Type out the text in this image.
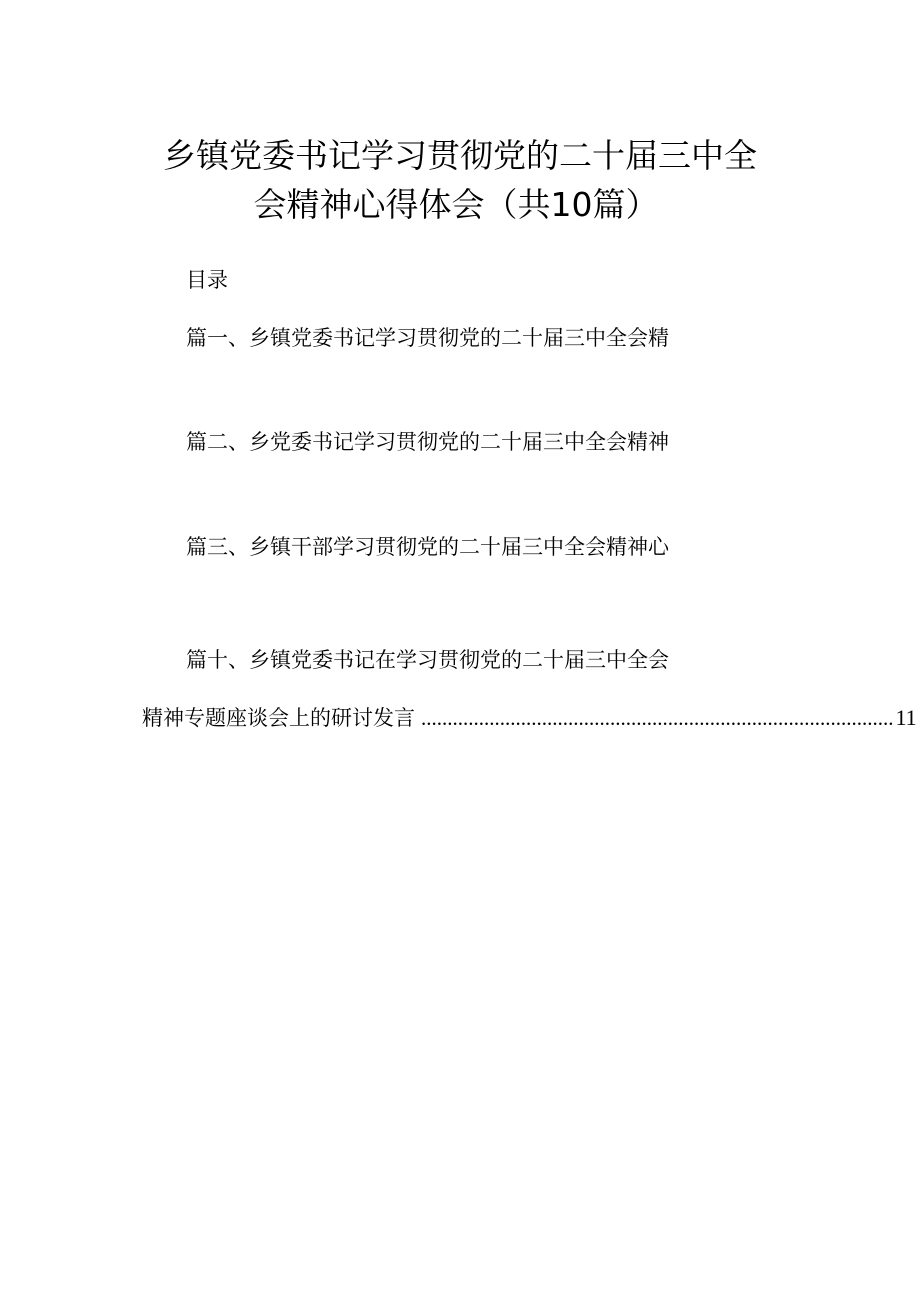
乡镇党委书记学习贯彻党的二十届三中全
会精神心得体会（共10篇）
目录
篇一、乡镇党委书记学习贯彻党的二十届三中全会精
篇二、乡党委书记学习贯彻党的二十届三中全会精神
篇三、乡镇干部学习贯彻党的二十届三中全会精神心
篇十、乡镇党委书记在学习贯彻党的二十届三中全会
精神专题座谈会上的研讨发言 .......................................................................................... 11
